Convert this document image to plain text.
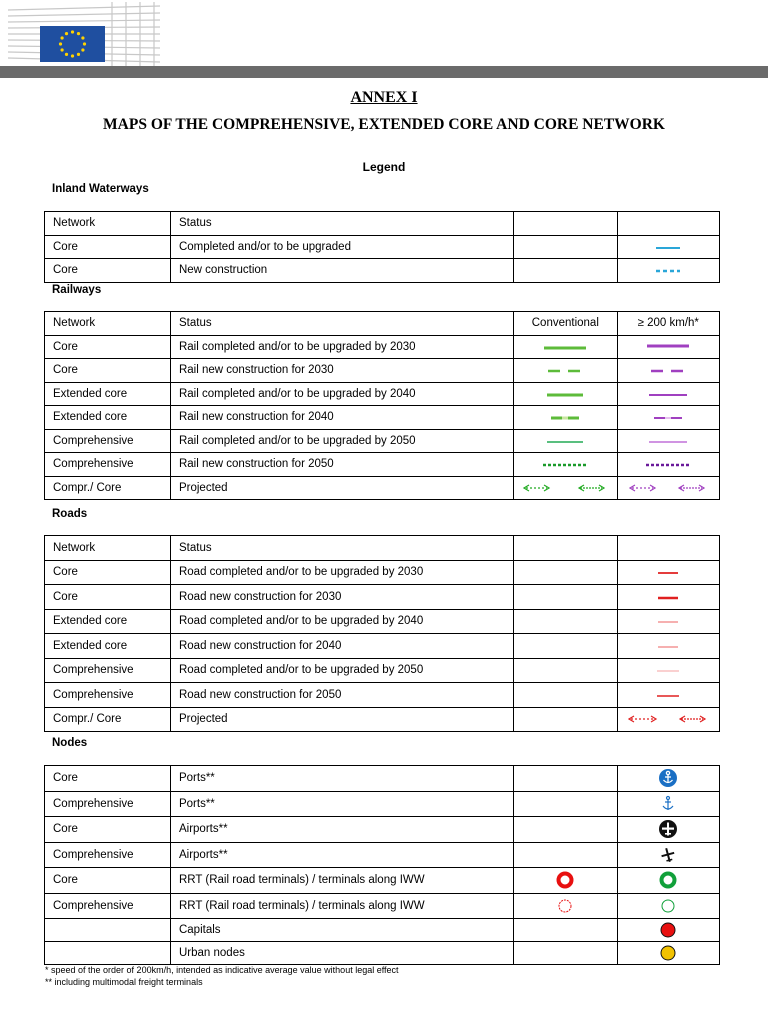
ANNEX I
MAPS OF THE COMPREHENSIVE, EXTENDED CORE AND CORE NETWORK
Legend
Inland Waterways
Network	Status		
Core	Completed and/or to be upgraded		

Core	New construction		
Railways
Network	Status	Conventional	≥ 200 km/h*
Core	Rail completed and/or to be upgraded by 2030	

Core	Rail new construction for 2030	

Extended core	Rail completed and/or to be upgraded by 2040	

Extended core	Rail new construction for 2040	

Comprehensive	Rail completed and/or to be upgraded by 2050	

Comprehensive	Rail new construction for 2050	

Compr./ Core	Projected	

Roads
Network	Status		
Core	Road completed and/or to be upgraded by 2030		

Core	Road new construction for 2030		

Extended core	Road completed and/or to be upgraded by 2040		

Extended core	Road new construction for 2040		

Comprehensive	Road completed and/or to be upgraded by 2050		

Comprehensive	Road new construction for 2050		

Compr./ Core	Projected		
Nodes
Core	Ports**		

Comprehensive	Ports**		

Core	Airports**		

Comprehensive	Airports**		

Core	RRT (Rail road terminals) / terminals along IWW	

Comprehensive	RRT (Rail road terminals) / terminals along IWW	

	Capitals		

	Urban nodes		
* speed of the order of 200km/h, intended as indicative average value without legal effect
** including multimodal freight terminals
